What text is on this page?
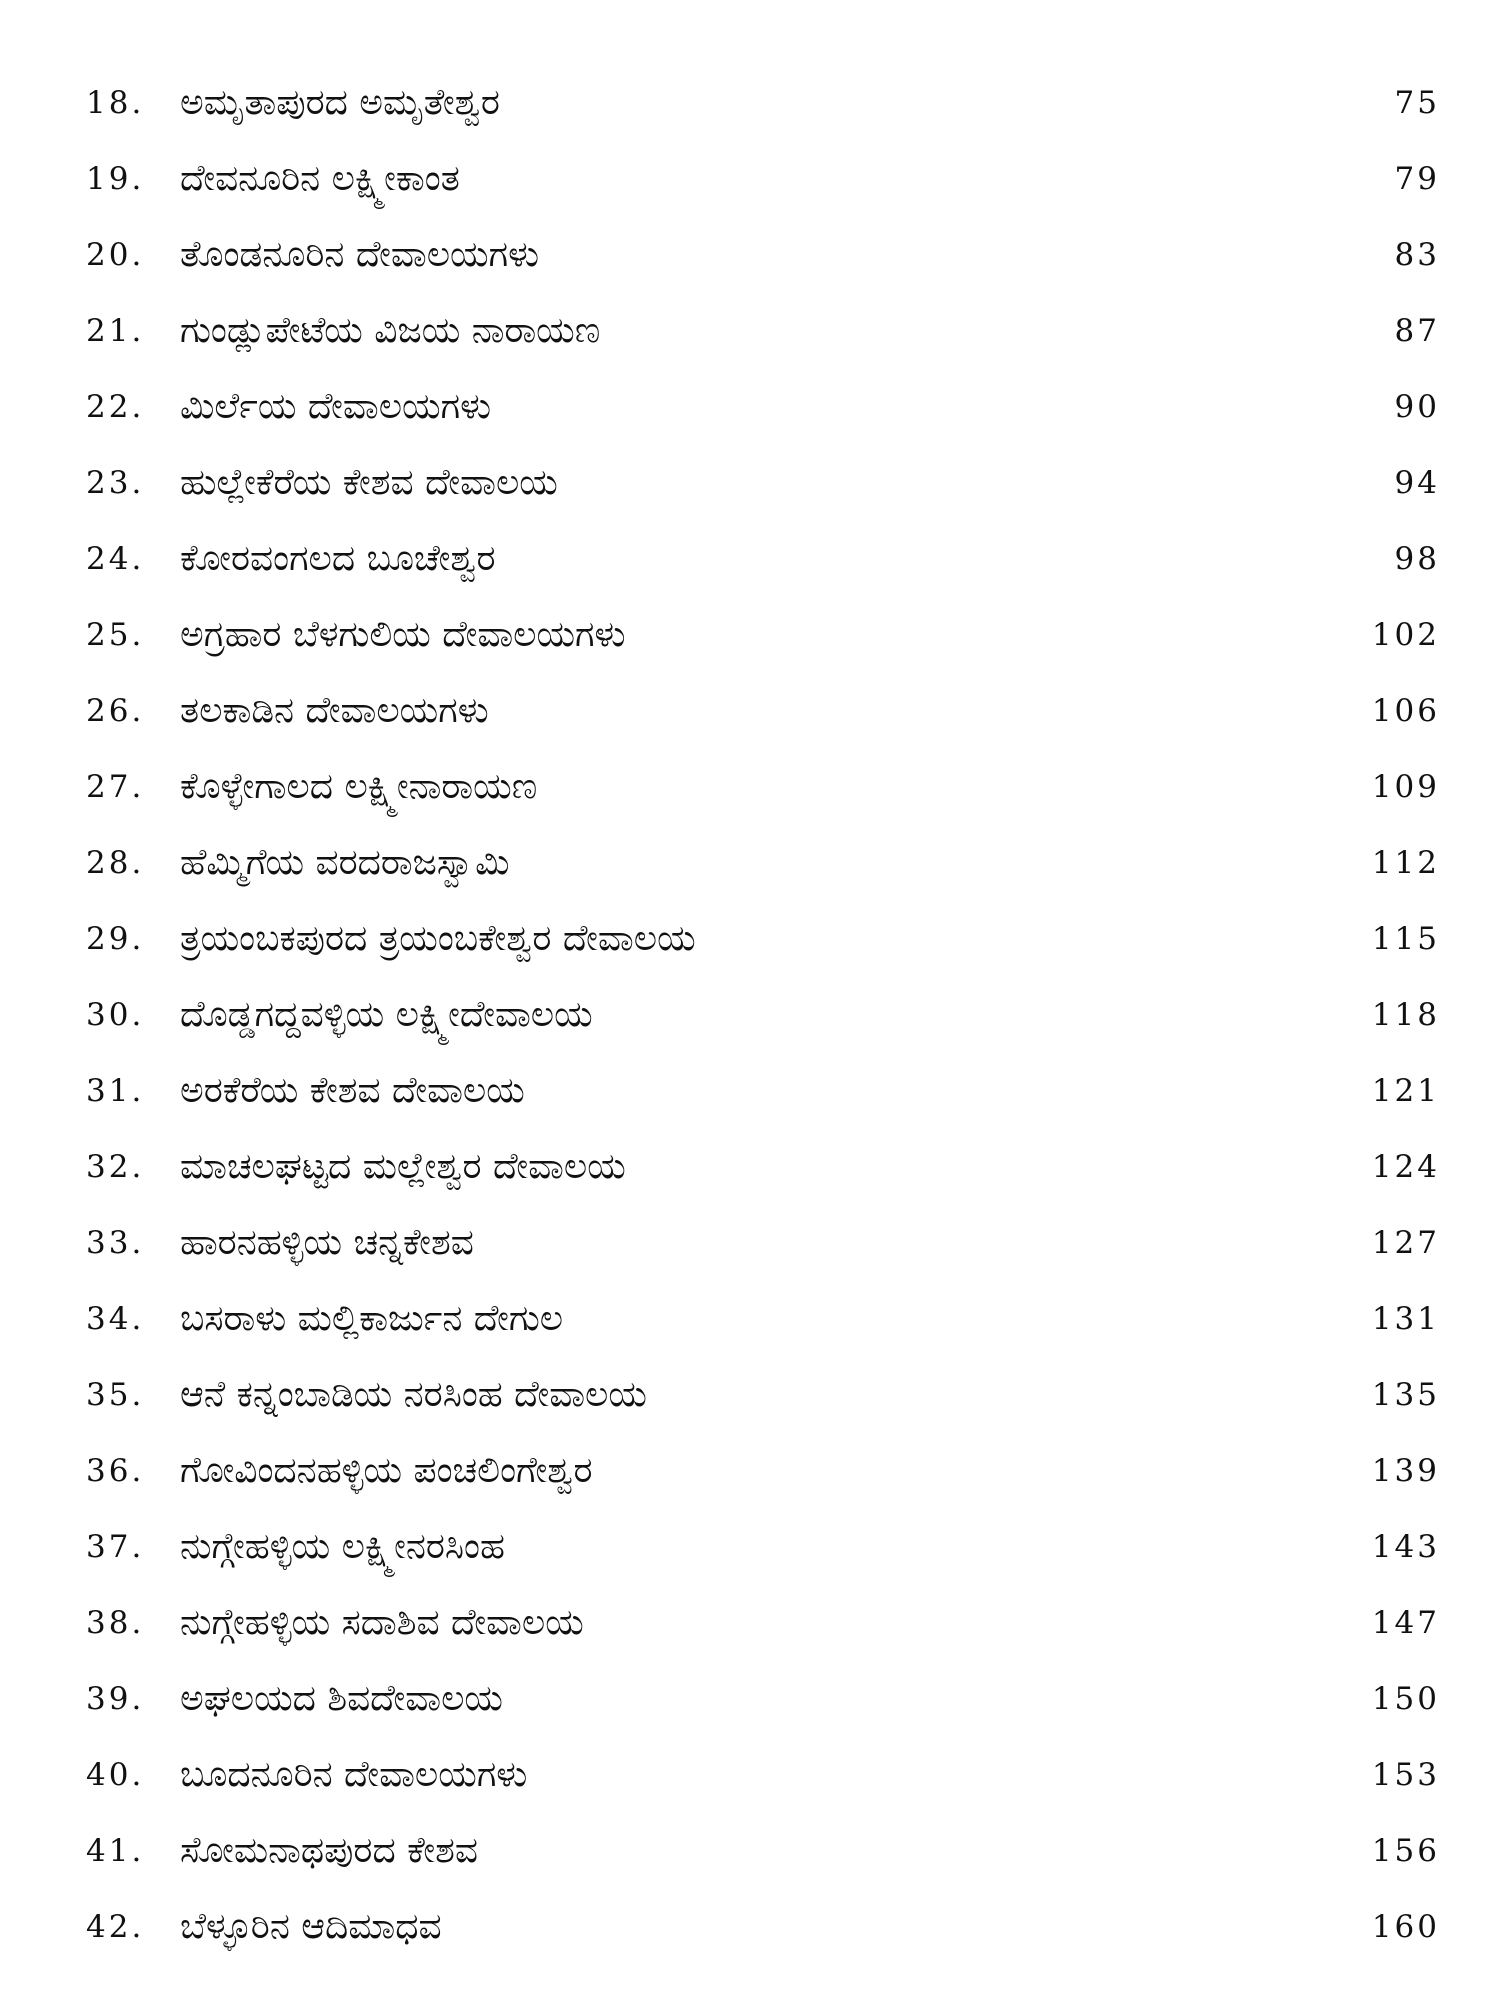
18. ಅಮೃತಾಪುರದ ಅಮೃತೇಶ್ವರ	75
19. ದೇವನೂರಿನ ಲಕ್ಷ್ಮೀಕಾಂತ	79
20. ತೊಂಡನೂರಿನ ದೇವಾಲಯಗಳು	83
21. ಗುಂಡ್ಲುಪೇಟೆಯ ವಿಜಯ ನಾರಾಯಣ	87
22. ಮಿರ್ಲೆಯ ದೇವಾಲಯಗಳು	90
23. ಹುಲ್ಲೇಕೆರೆಯ ಕೇಶವ ದೇವಾಲಯ	94
24. ಕೋರವಂಗಲದ ಬೂಚೇಶ್ವರ	98
25. ಅಗ್ರಹಾರ ಬೆಳಗುಲಿಯ ದೇವಾಲಯಗಳು	102
26. ತಲಕಾಡಿನ ದೇವಾಲಯಗಳು	106
27. ಕೊಳ್ಳೇಗಾಲದ ಲಕ್ಷ್ಮೀನಾರಾಯಣ	109
28. ಹೆಮ್ಮಿಗೆಯ ವರದರಾಜಸ್ವಾಮಿ	112
29. ತ್ರಯಂಬಕಪುರದ ತ್ರಯಂಬಕೇಶ್ವರ ದೇವಾಲಯ	115
30. ದೊಡ್ಡಗದ್ದವಳ್ಳಿಯ ಲಕ್ಷ್ಮೀದೇವಾಲಯ	118
31. ಅರಕೆರೆಯ ಕೇಶವ ದೇವಾಲಯ	121
32. ಮಾಚಲಘಟ್ಟದ ಮಲ್ಲೇಶ್ವರ ದೇವಾಲಯ	124
33. ಹಾರನಹಳ್ಳಿಯ ಚನ್ನಕೇಶವ	127
34. ಬಸರಾಳು ಮಲ್ಲಿಕಾರ್ಜುನ ದೇಗುಲ	131
35. ಆನೆ ಕನ್ನಂಬಾಡಿಯ ನರಸಿಂಹ ದೇವಾಲಯ	135
36. ಗೋವಿಂದನಹಳ್ಳಿಯ ಪಂಚಲಿಂಗೇಶ್ವರ	139
37. ನುಗ್ಗೇಹಳ್ಳಿಯ ಲಕ್ಷ್ಮೀನರಸಿಂಹ	143
38. ನುಗ್ಗೇಹಳ್ಳಿಯ ಸದಾಶಿವ ದೇವಾಲಯ	147
39. ಅಘಲಯದ ಶಿವದೇವಾಲಯ	150
40. ಬೂದನೂರಿನ ದೇವಾಲಯಗಳು	153
41. ಸೋಮನಾಥಪುರದ ಕೇಶವ	156
42. ಬೆಳ್ಳೂರಿನ ಆದಿಮಾಧವ	160
